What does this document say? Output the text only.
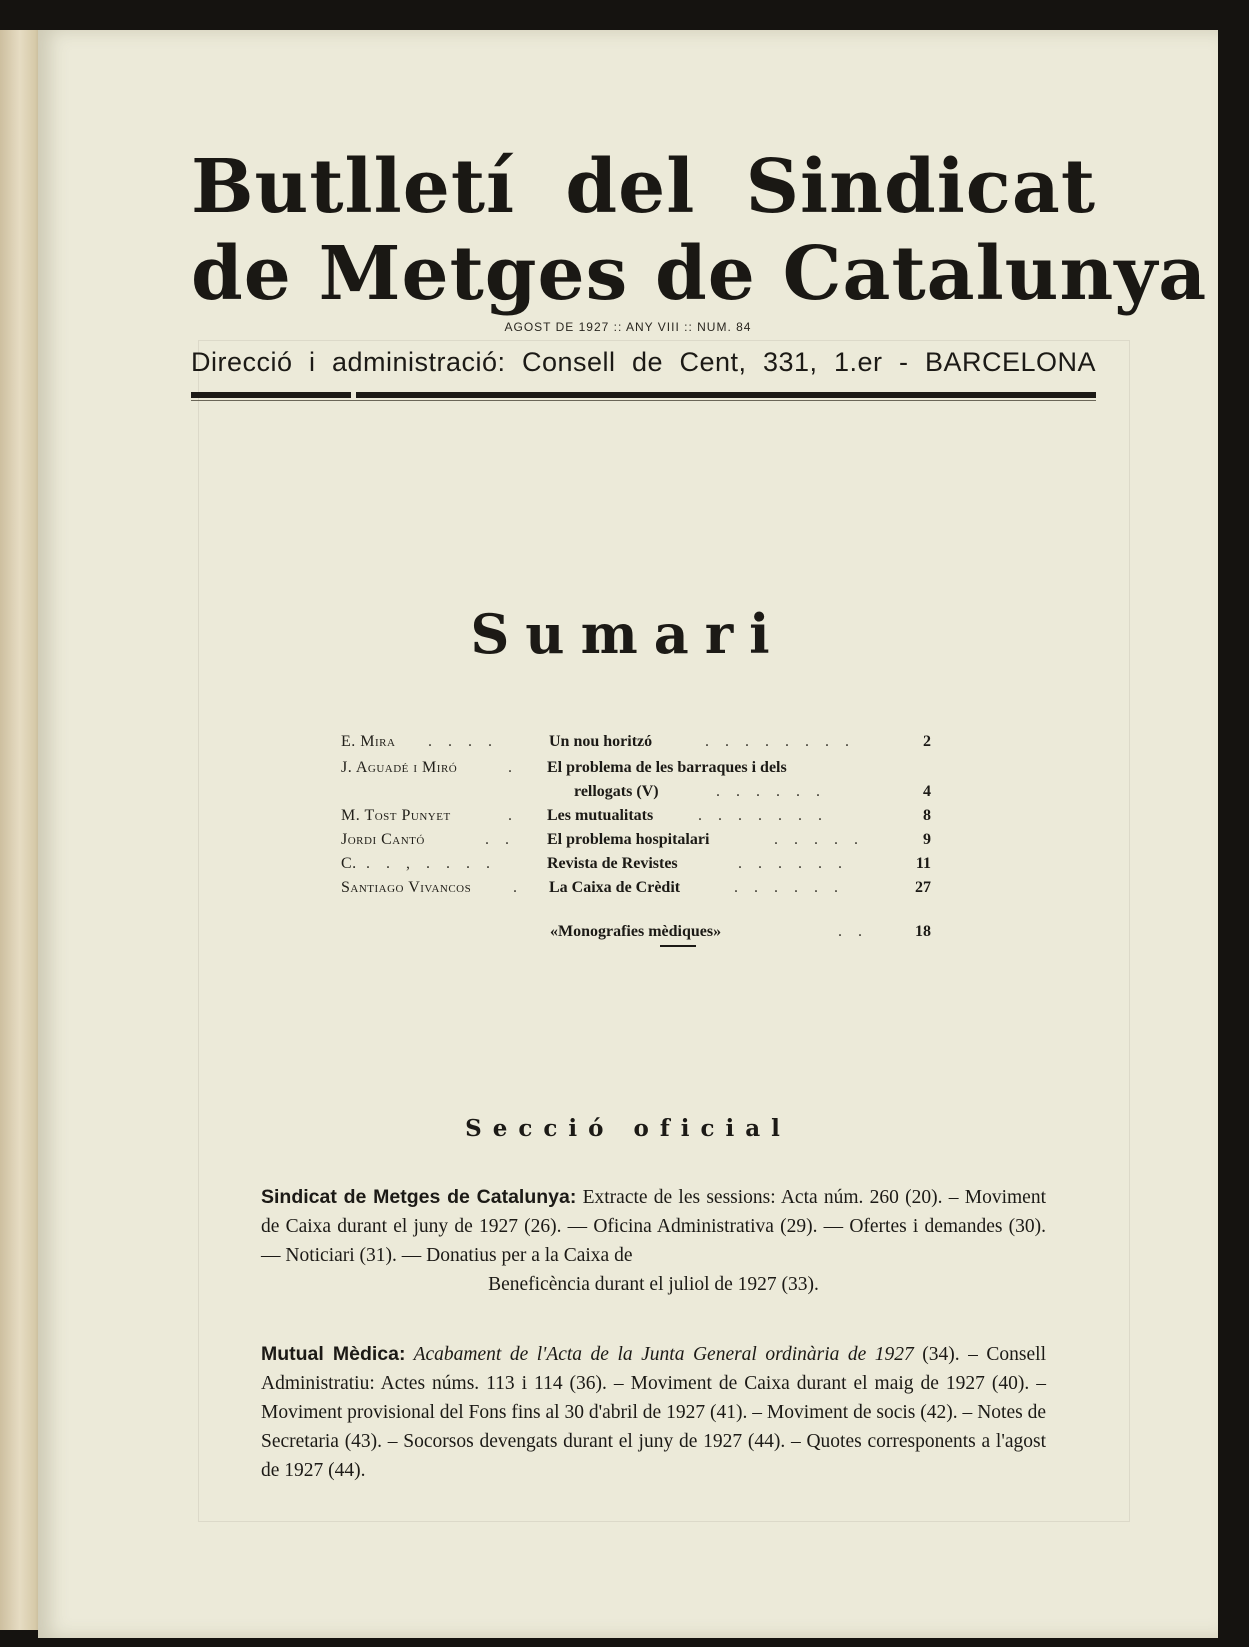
Butlletí del Sindicat
de Metges de Catalunya
AGOST DE 1927 :: ANY VIII :: NUM. 84
Direcció i administració: Consell de Cent, 331, 1.er - BARCELONA
Sumari
E. Mira . . . .	Un nou horitzó	. . . . . . . .	2
J. Aguadé i Miró	. El problema de les barraques i dels
rellogats (V)	. . . . . .	4
M. Tost Punyet	. Les mutualitats	. . . . . . .	8
Jordi Cantó	. . El problema hospitalari	. . . . .	9
C. . . , . . . .	Revista de Revistes	. . . . . .	11
Santiago Vivancos	. La Caixa de Crèdit	. . . . . .	27
«Monografies mèdiques»	. .	18
Secció oficial
Sindicat de Metges de Catalunya: Extracte de les sessions: Acta núm. 260 (20). – Moviment de Caixa durant el juny de 1927 (26). — Oficina Administrativa (29). — Ofertes i demandes (30). — Noticiari (31). — Donatius per a la Caixa de
Beneficència durant el juliol de 1927 (33).
Mutual Mèdica: Acabament de l'Acta de la Junta General ordinària de 1927 (34). – Consell Administratiu: Actes núms. 113 i 114 (36). – Moviment de Caixa durant el maig de 1927 (40). – Moviment provisional del Fons fins al 30 d'abril de 1927 (41). – Moviment de socis (42). – Notes de Secretaria (43). – Socorsos devengats durant el juny de 1927 (44). – Quotes corresponents a l'agost de 1927 (44).
